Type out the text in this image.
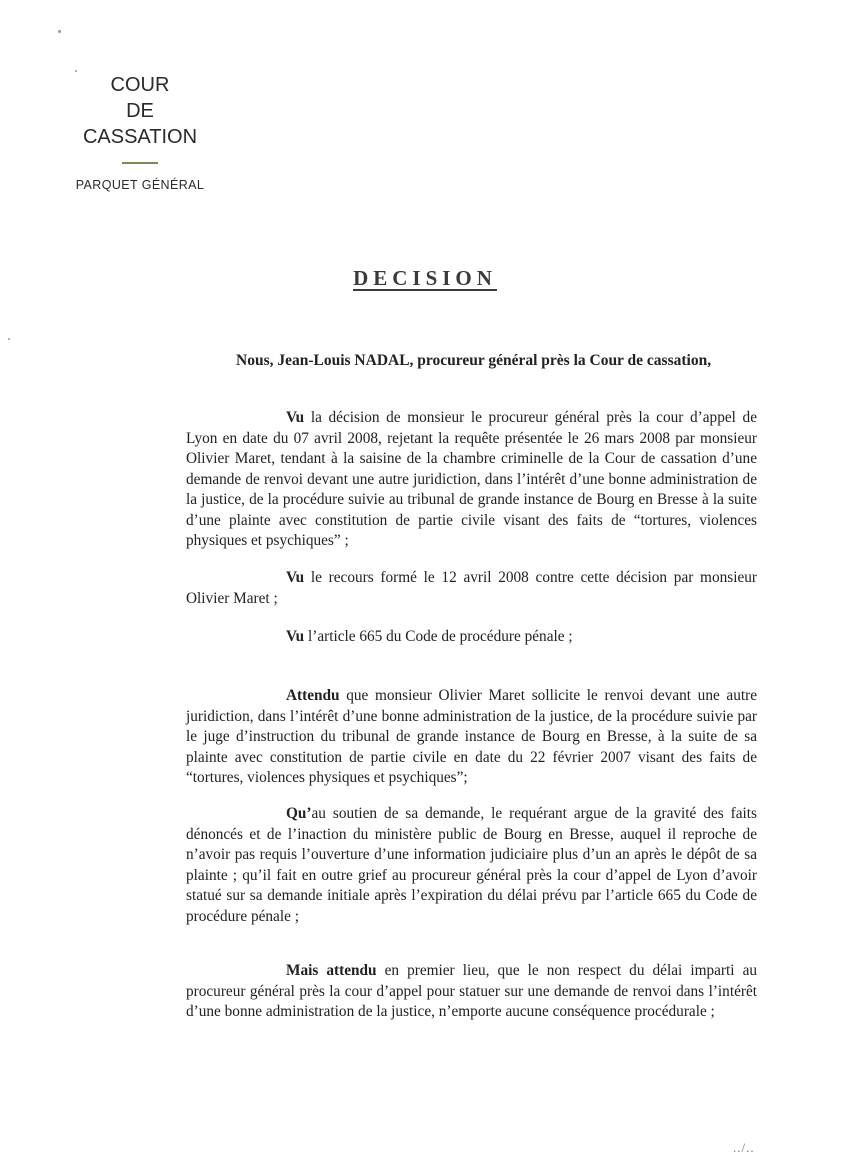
COUR
DE
CASSATION
PARQUET GÉNÉRAL
DECISION
Nous, Jean-Louis NADAL, procureur général près la Cour de cassation,

Vu la décision de monsieur le procureur général près la cour d’appel de Lyon en date du 07 avril 2008, rejetant la requête présentée le 26 mars 2008 par monsieur Olivier Maret, tendant à la saisine de la chambre criminelle de la Cour de cassation d’une demande de renvoi devant une autre juridiction, dans l’intérêt d’une bonne administration de la justice, de la procédure suivie au tribunal de grande instance de Bourg en Bresse à la suite d’une plainte avec constitution de partie civile visant des faits de “tortures, violences physiques et psychiques” ;

Vu le recours formé le 12 avril 2008 contre cette décision par monsieur Olivier Maret ;

Vu l’article 665 du Code de procédure pénale ;

Attendu que monsieur Olivier Maret sollicite le renvoi devant une autre juridiction, dans l’intérêt d’une bonne administration de la justice, de la procédure suivie par le juge d’instruction du tribunal de grande instance de Bourg en Bresse, à la suite de sa plainte avec constitution de partie civile en date du 22 février 2007 visant des faits de “tortures, violences physiques et psychiques”;

Qu’au soutien de sa demande, le requérant argue de la gravité des faits dénoncés et de l’inaction du ministère public de Bourg en Bresse, auquel il reproche de n’avoir pas requis l’ouverture d’une information judiciaire plus d’un an après le dépôt de sa plainte ; qu’il fait en outre grief au procureur général près la cour d’appel de Lyon d’avoir statué sur sa demande initiale après l’expiration du délai prévu par l’article 665 du Code de procédure pénale ;

Mais attendu en premier lieu, que le non respect du délai imparti au procureur général près la cour d’appel pour statuer sur une demande de renvoi dans l’intérêt d’une bonne administration de la justice, n’emporte aucune conséquence procédurale ;

../..
